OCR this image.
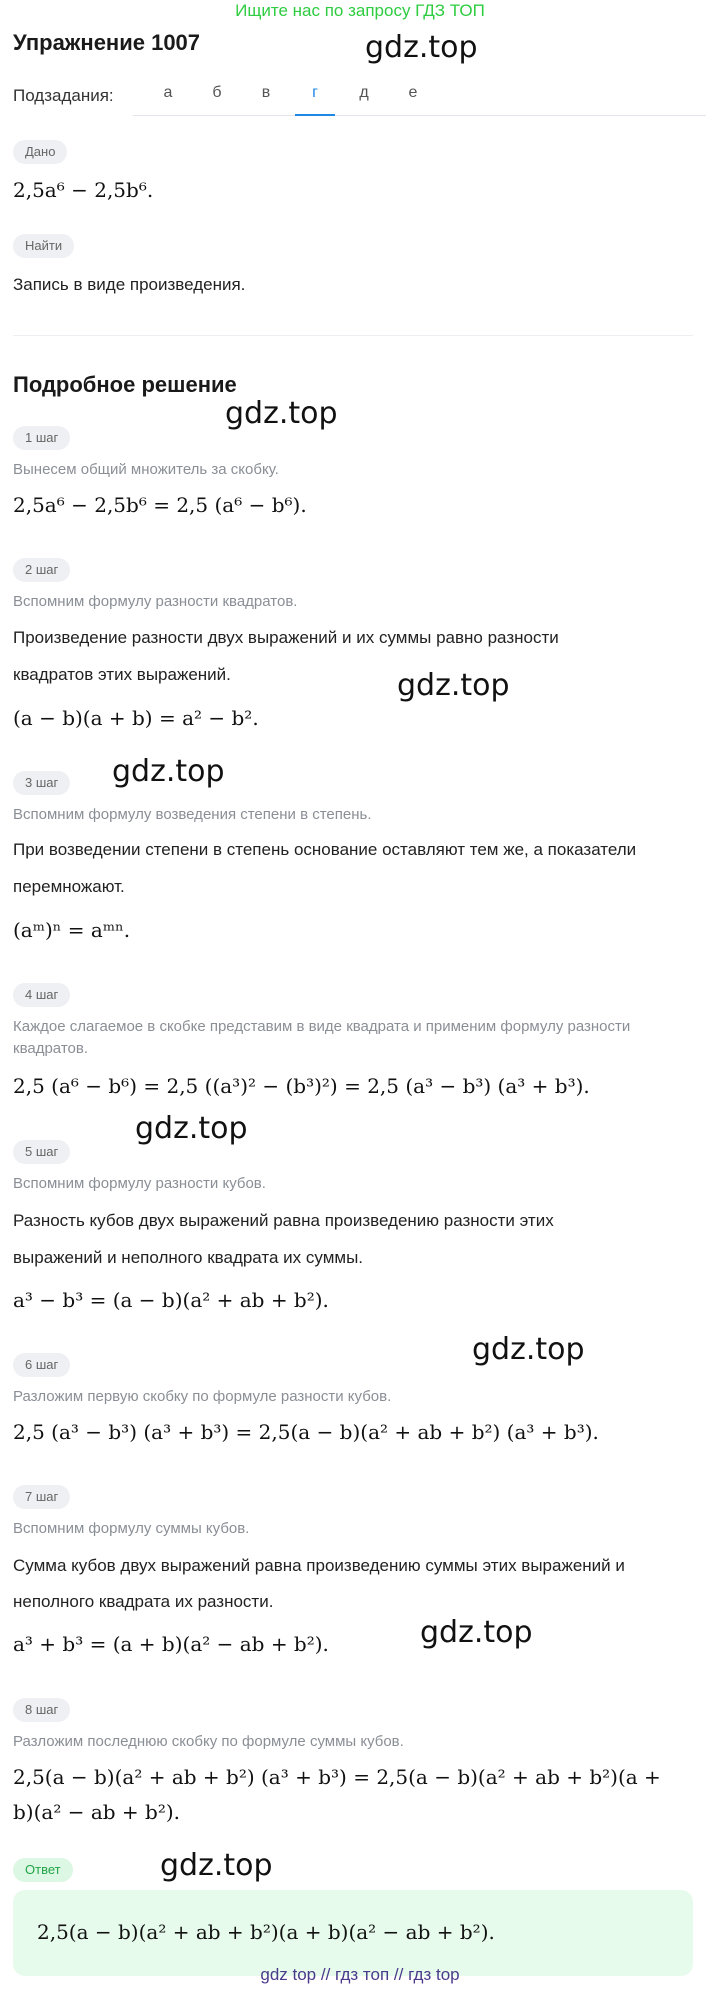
Ищите нас по запросу ГДЗ ТОП
Упражнение 1007	gdz.top
Подзадания:	а	б	в	г	д	е
Дано
2,5a⁶ − 2,5b⁶.
Найти
Запись в виде произведения.
Подробное решение
gdz.top
1 шаг
Вынесем общий множитель за скобку.
2,5a⁶ − 2,5b⁶ = 2,5 (a⁶ − b⁶).
2 шаг
Вспомним формулу разности квадратов.
Произведение разности двух выражений и их суммы равно разности
квадратов этих выражений.	gdz.top
(a − b)(a + b) = a² − b².
3 шаг	gdz.top
Вспомним формулу возведения степени в степень.
При возведении степени в степень основание оставляют тем же, а показатели
перемножают.
(aᵐ)ⁿ = aᵐⁿ.
4 шаг
Каждое слагаемое в скобке представим в виде квадрата и применим формулу разности
квадратов.
2,5 (a⁶ − b⁶) = 2,5 ((a³)² − (b³)²) = 2,5 (a³ − b³) (a³ + b³).
gdz.top
5 шаг
Вспомним формулу разности кубов.
Разность кубов двух выражений равна произведению разности этих
выражений и неполного квадрата их суммы.
a³ − b³ = (a − b)(a² + ab + b²).
gdz.top
6 шаг
Разложим первую скобку по формуле разности кубов.
2,5 (a³ − b³) (a³ + b³) = 2,5(a − b)(a² + ab + b²) (a³ + b³).
7 шаг
Вспомним формулу суммы кубов.
Сумма кубов двух выражений равна произведению суммы этих выражений и
неполного квадрата их разности.
gdz.top
a³ + b³ = (a + b)(a² − ab + b²).
8 шаг
Разложим последнюю скобку по формуле суммы кубов.
2,5(a − b)(a² + ab + b²) (a³ + b³) = 2,5(a − b)(a² + ab + b²)(a +
b)(a² − ab + b²).
Ответ	gdz.top
2,5(a − b)(a² + ab + b²)(a + b)(a² − ab + b²).
gdz top // гдз топ // гдз top
